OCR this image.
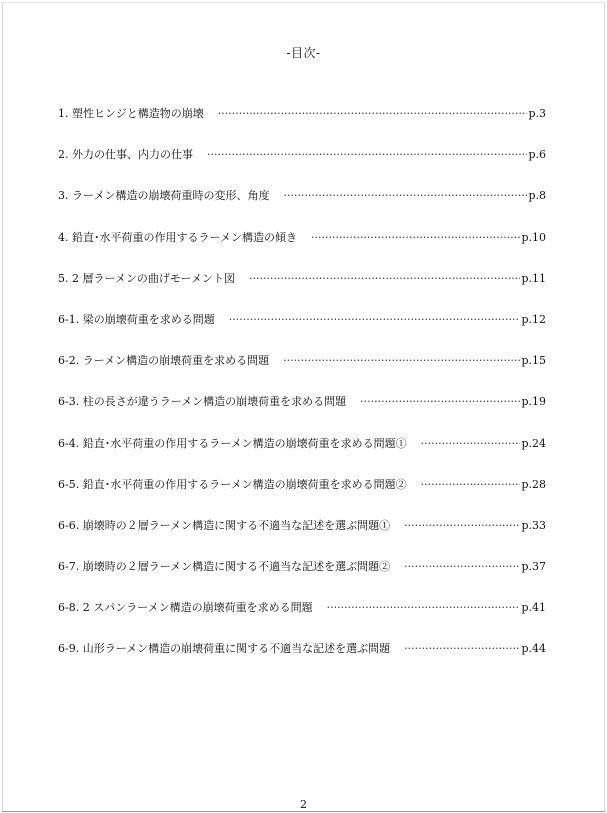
-目次-
1. 塑性ヒンジと構造物の崩壊 ·····	p.3
2. 外力の仕事、内力の仕事 ·····	p.6
3. ラーメン構造の崩壊荷重時の変形、角度 ·····	p.8
4. 鉛直･水平荷重の作用するラーメン構造の傾き ·····	p.10
5. 2 層ラーメンの曲げモーメント図 ·····	p.11
6-1. 梁の崩壊荷重を求める問題 ·····	p.12
6-2. ラーメン構造の崩壊荷重を求める問題 ·····	p.15
6-3. 柱の長さが違うラーメン構造の崩壊荷重を求める問題 ·····	p.19
6-4. 鉛直･水平荷重の作用するラーメン構造の崩壊荷重を求める問題① ·····	p.24
6-5. 鉛直･水平荷重の作用するラーメン構造の崩壊荷重を求める問題② ·····	p.28
6-6. 崩壊時の２層ラーメン構造に関する不適当な記述を選ぶ問題① ·····	p.33
6-7. 崩壊時の２層ラーメン構造に関する不適当な記述を選ぶ問題② ·····	p.37
6-8. 2 スパンラーメン構造の崩壊荷重を求める問題 ·····	p.41
6-9. 山形ラーメン構造の崩壊荷重に関する不適当な記述を選ぶ問題 ·····	p.44
2
